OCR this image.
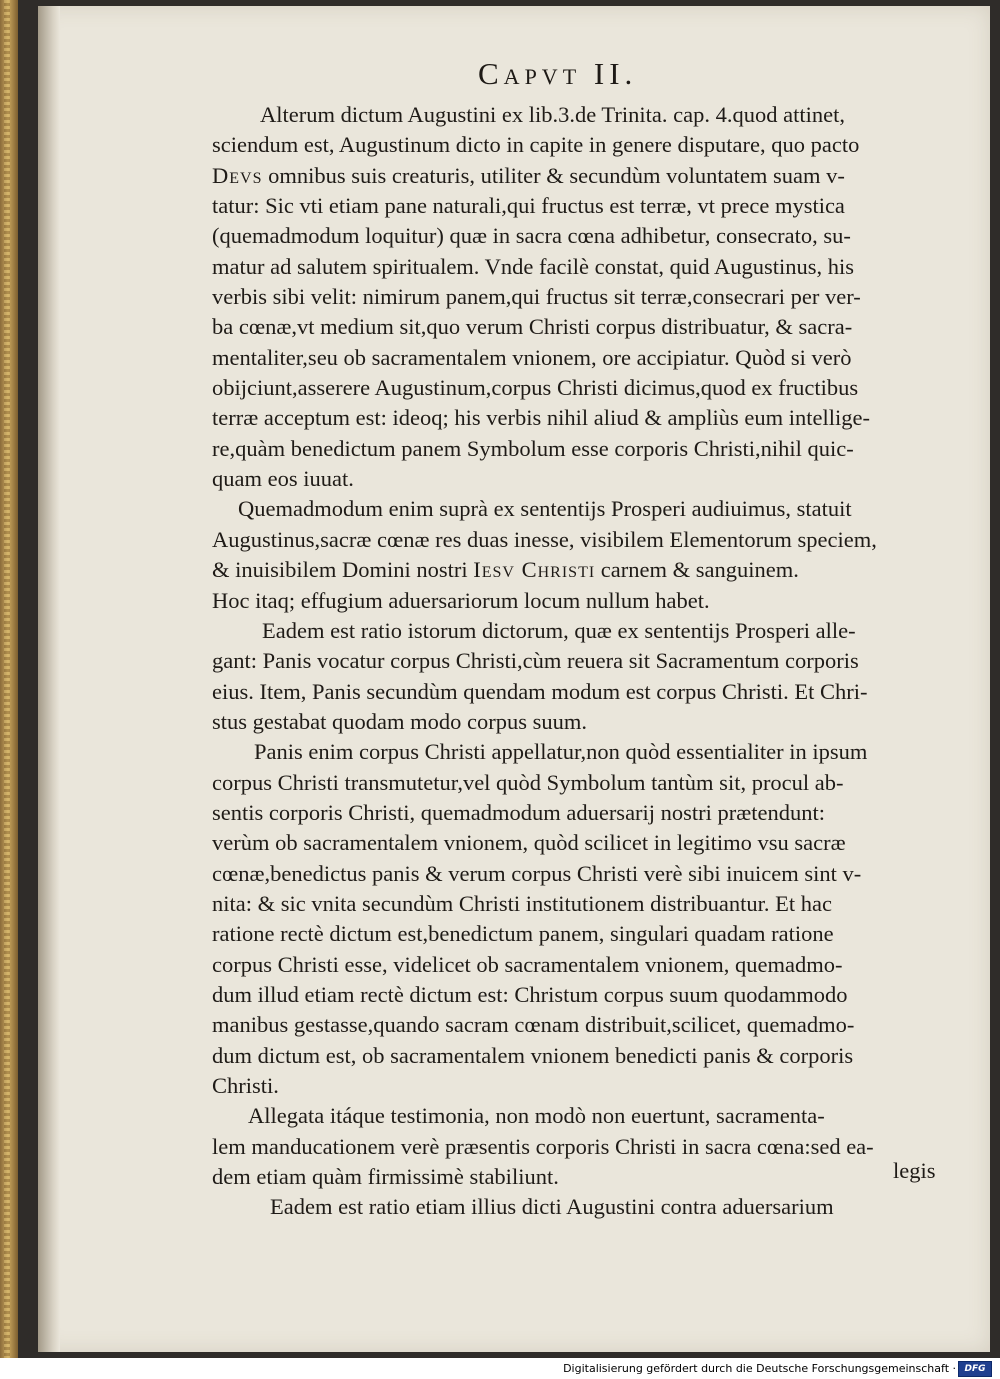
Capvt II.
Alterum dictum Augustini ex lib.3.de Trinita. cap. 4.quod attinet,
sciendum est, Augustinum dicto in capite in genere disputare, quo pacto
Devs omnibus suis creaturis, utiliter & secundùm voluntatem suam v-
tatur: Sic vti etiam pane naturali,qui fructus est terræ, vt prece mystica
(quemadmodum loquitur) quæ in sacra cœna adhibetur, consecrato, su-
matur ad salutem spiritualem. Vnde facilè constat, quid Augustinus, his
verbis sibi velit: nimirum panem,qui fructus sit terræ,consecrari per ver-
ba cœnæ,vt medium sit,quo verum Christi corpus distribuatur, & sacra-
mentaliter,seu ob sacramentalem vnionem, ore accipiatur. Quòd si verò
obijciunt,asserere Augustinum,corpus Christi dicimus,quod ex fructibus
terræ acceptum est: ideoq; his verbis nihil aliud & ampliùs eum intellige-
re,quàm benedictum panem Symbolum esse corporis Christi,nihil quic-
quam eos iuuat.
Quemadmodum enim suprà ex sententijs Prosperi audiuimus, statuit
Augustinus,sacræ cœnæ res duas inesse, visibilem Elementorum speciem,
& inuisibilem Domini nostri Iesv Christi carnem & sanguinem.
Hoc itaq; effugium aduersariorum locum nullum habet.
Eadem est ratio istorum dictorum, quæ ex sententijs Prosperi alle-
gant: Panis vocatur corpus Christi,cùm reuera sit Sacramentum corporis
eius. Item, Panis secundùm quendam modum est corpus Christi. Et Chri-
stus gestabat quodam modo corpus suum.
Panis enim corpus Christi appellatur,non quòd essentialiter in ipsum
corpus Christi transmutetur,vel quòd Symbolum tantùm sit, procul ab-
sentis corporis Christi, quemadmodum aduersarij nostri prætendunt:
verùm ob sacramentalem vnionem, quòd scilicet in legitimo vsu sacræ
cœnæ,benedictus panis & verum corpus Christi verè sibi inuicem sint v-
nita: & sic vnita secundùm Christi institutionem distribuantur. Et hac
ratione rectè dictum est,benedictum panem, singulari quadam ratione
corpus Christi esse, videlicet ob sacramentalem vnionem, quemadmo-
dum illud etiam rectè dictum est: Christum corpus suum quodammodo
manibus gestasse,quando sacram cœnam distribuit,scilicet, quemadmo-
dum dictum est, ob sacramentalem vnionem benedicti panis & corporis
Christi.
Allegata itáque testimonia, non modò non euertunt, sacramenta-
lem manducationem verè præsentis corporis Christi in sacra cœna:sed ea-
dem etiam quàm firmissimè stabiliunt.
Eadem est ratio etiam illius dicti Augustini contra aduersarium
legis
Digitalisierung gefördert durch die Deutsche Forschungsgemeinschaft · DFG
